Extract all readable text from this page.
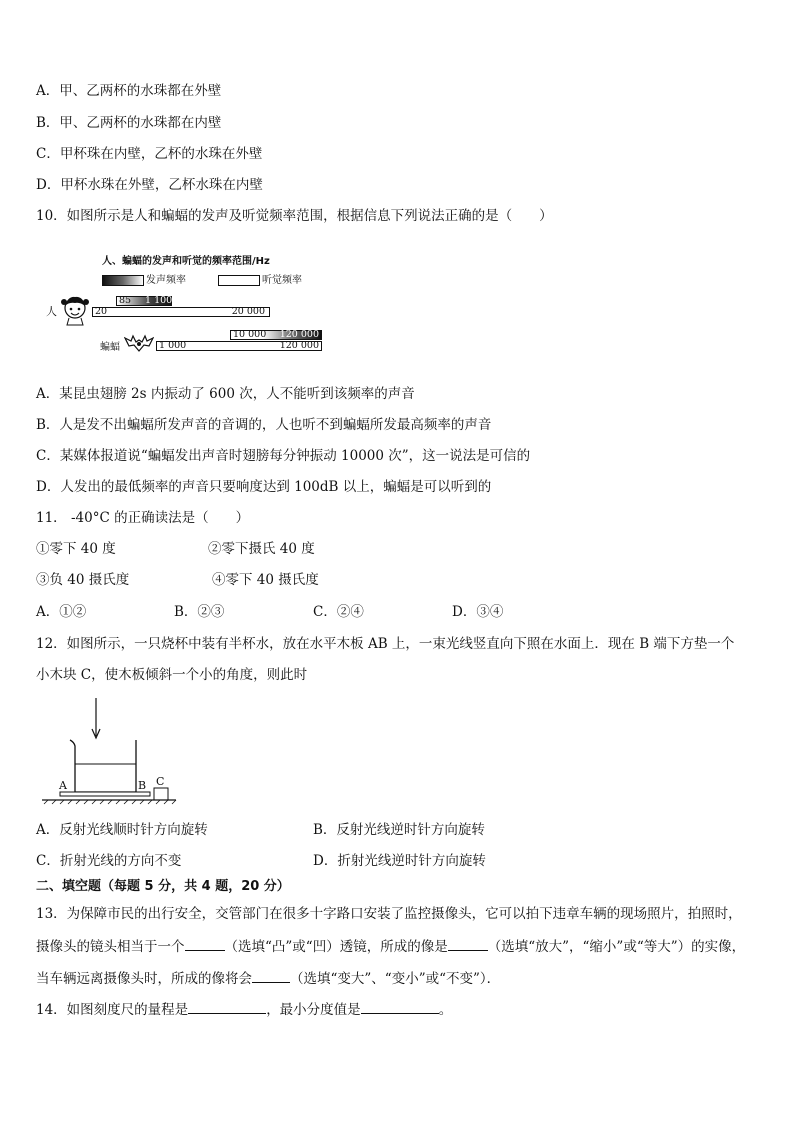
A．甲、乙两杯的水珠都在外壁
B．甲、乙两杯的水珠都在内壁
C．甲杯珠在内壁，乙杯的水珠在外壁
D．甲杯水珠在外壁，乙杯水珠在内壁
10．如图所示是人和蝙蝠的发声及听觉频率范围，根据信息下列说法正确的是（　　）
人、蝙蝠的发声和听觉的频率范围/Hz
发声频率	听觉频率
人
85 1 100
20	20 000
10 000 120 000
蝙蝠	1 000	120 000
A．某昆虫翅膀 2s 内振动了 600 次，人不能听到该频率的声音
B．人是发不出蝙蝠所发声音的音调的，人也听不到蝙蝠所发最高频率的声音
C．某媒体报道说“蝙蝠发出声音时翅膀每分钟振动 10000 次”，这一说法是可信的
D．人发出的最低频率的声音只要响度达到 100dB 以上，蝙蝠是可以听到的
11． -40°C 的正确读法是（　　）
①零下 40 度	②零下摄氏 40 度
③负 40 摄氏度	④零下 40 摄氏度
A．①②	B．②③	C．②④	D．③④
12．如图所示，一只烧杯中装有半杯水，放在水平木板 AB 上，一束光线竖直向下照在水面上．现在 B 端下方垫一个
小木块 C，使木板倾斜一个小的角度，则此时
A	B C
A．反射光线顺时针方向旋转	B．反射光线逆时针方向旋转
C．折射光线的方向不变	D．折射光线逆时针方向旋转
二、填空题（每题 5 分，共 4 题，20 分）
13．为保障市民的出行安全，交管部门在很多十字路口安装了监控摄像头，它可以拍下违章车辆的现场照片，拍照时，
摄像头的镜头相当于一个	（选填“凸”或“凹）透镜，所成的像是	（选填“放大”，“缩小”或“等大”）的实像，
当车辆远离摄像头时，所成的像将会	（选填“变大”、“变小”或“不变”）．
14．如图刻度尺的量程是	，最小分度值是	。
